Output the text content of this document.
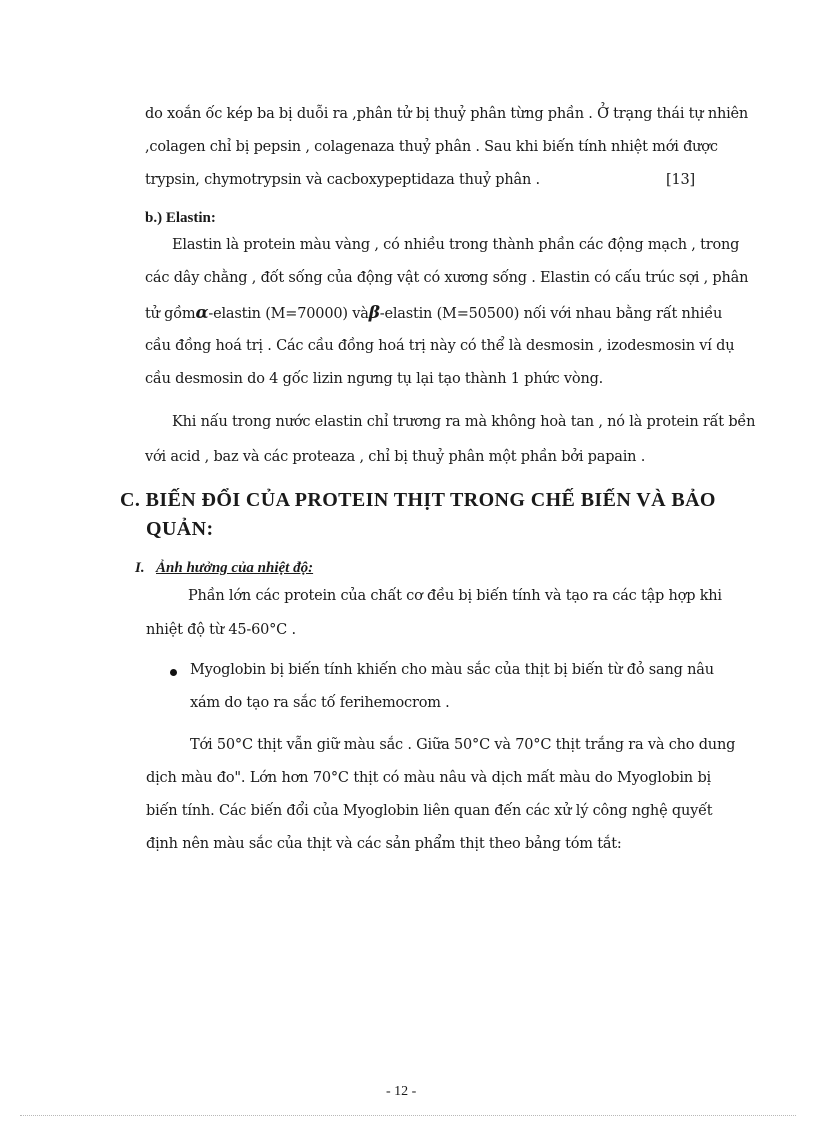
do xoắn ốc kép ba bị duỗi ra ,phân tử bị thuỷ phân từng phần . Ở trạng thái tự nhiên
,colagen chỉ bị pepsin , colagenaza thuỷ phân . Sau khi biến tính nhiệt mới được
trypsin, chymotrypsin và cacboxypeptidaza thuỷ phân .	[13]
b.) Elastin:
Elastin là protein màu vàng , có nhiều trong thành phần các động mạch , trong
các dây chằng , đốt sống của động vật có xương sống . Elastin có cấu trúc sợi , phân
tử gồm α -elastin (M=70000) và β -elastin (M=50500) nối với nhau bằng rất nhiều
cầu đồng hoá trị . Các cầu đồng hoá trị này có thể là desmosin , izodesmosin ví dụ
cầu desmosin do 4 gốc lizin ngưng tụ lại tạo thành 1 phức vòng.
Khi nấu trong nước elastin chỉ trương ra mà không hoà tan , nó là protein rất bền
với acid , baz và các proteaza , chỉ bị thuỷ phân một phần bởi papain .
C. BIẾN ĐỔI CỦA PROTEIN THỊT TRONG CHẾ BIẾN VÀ BẢO
QUẢN:
I. Ảnh hưởng của nhiệt độ:
Phần lớn các protein của chất cơ đều bị biến tính và tạo ra các tập hợp khi
nhiệt độ từ 45-60°C .
Myoglobin bị biến tính khiến cho màu sắc của thịt bị biến từ đỏ sang nâu
xám do tạo ra sắc tố ferihemocrom .
Tới 50°C thịt vẫn giữ màu sắc . Giữa 50°C và 70°C thịt trắng ra và cho dung
dịch màu đo". Lớn hơn 70°C thịt có màu nâu và dịch mất màu do Myoglobin bị
biến tính. Các biến đổi của Myoglobin liên quan đến các xử lý công nghệ quyết
định nên màu sắc của thịt và các sản phẩm thịt theo bảng tóm tắt:
- 12 -
